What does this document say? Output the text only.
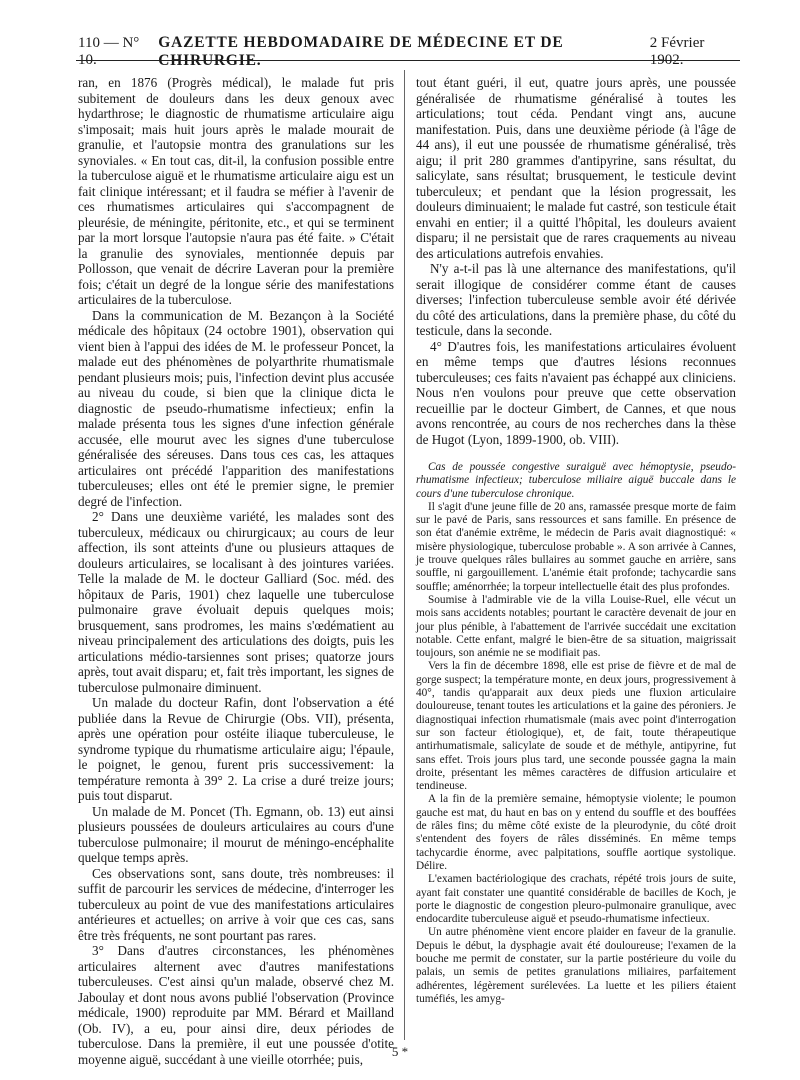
110 — N° 10.
GAZETTE HEBDOMADAIRE DE MÉDECINE ET DE CHIRURGIE.
2 Février 1902.

ran, en 1876 (Progrès médical), le malade fut pris subitement de douleurs dans les deux genoux avec hydarthrose; le diagnostic de rhumatisme articulaire aigu s'imposait; mais huit jours après le malade mourait de granulie, et l'autopsie montra des granulations sur les synoviales. « En tout cas, dit-il, la confusion possible entre la tuberculose aiguë et le rhumatisme articulaire aigu est un fait clinique intéressant; et il faudra se méfier à l'avenir de ces rhumatismes articulaires qui s'accompagnent de pleurésie, de méningite, péritonite, etc., et qui se terminent par la mort lorsque l'autopsie n'aura pas été faite. » C'était la granulie des synoviales, mentionnée depuis par Pollosson, que venait de décrire Laveran pour la première fois; c'était un degré de la longue série des manifestations articulaires de la tuberculose.

Dans la communication de M. Bezançon à la Société médicale des hôpitaux (24 octobre 1901), observation qui vient bien à l'appui des idées de M. le professeur Poncet, la malade eut des phénomènes de polyarthrite rhumatismale pendant plusieurs mois; puis, l'infection devint plus accusée au niveau du coude, si bien que la clinique dicta le diagnostic de pseudo-rhumatisme infectieux; enfin la malade présenta tous les signes d'une infection générale accusée, elle mourut avec les signes d'une tuberculose généralisée des séreuses. Dans tous ces cas, les attaques articulaires ont précédé l'apparition des manifestations tuberculeuses; elles ont été le premier signe, le premier degré de l'infection.

2° Dans une deuxième variété, les malades sont des tuberculeux, médicaux ou chirurgicaux; au cours de leur affection, ils sont atteints d'une ou plusieurs attaques de douleurs articulaires, se localisant à des jointures variées. Telle la malade de M. le docteur Galliard (Soc. méd. des hôpitaux de Paris, 1901) chez laquelle une tuberculose pulmonaire grave évoluait depuis quelques mois; brusquement, sans prodromes, les mains s'œdématient au niveau principalement des articulations des doigts, puis les articulations médio-tarsiennes sont prises; quatorze jours après, tout avait disparu; et, fait très important, les signes de tuberculose pulmonaire diminuent.

Un malade du docteur Rafin, dont l'observation a été publiée dans la Revue de Chirurgie (Obs. VII), présenta, après une opération pour ostéite iliaque tuberculeuse, le syndrome typique du rhumatisme articulaire aigu; l'épaule, le poignet, le genou, furent pris successivement: la température remonta à 39° 2. La crise a duré treize jours; puis tout disparut.

Un malade de M. Poncet (Th. Egmann, ob. 13) eut ainsi plusieurs poussées de douleurs articulaires au cours d'une tuberculose pulmonaire; il mourut de méningo-encéphalite quelque temps après.

Ces observations sont, sans doute, très nombreuses: il suffit de parcourir les services de médecine, d'interroger les tuberculeux au point de vue des manifestations articulaires antérieures et actuelles; on arrive à voir que ces cas, sans être très fréquents, ne sont pourtant pas rares.

3° Dans d'autres circonstances, les phénomènes articulaires alternent avec d'autres manifestations tuberculeuses. C'est ainsi qu'un malade, observé chez M. Jaboulay et dont nous avons publié l'observation (Province médicale, 1900) reproduite par MM. Bérard et Mailland (Ob. IV), a eu, pour ainsi dire, deux périodes de tuberculose. Dans la première, il eut une poussée d'otite moyenne aiguë, succédant à une vieille otorrhée; puis,

tout étant guéri, il eut, quatre jours après, une poussée généralisée de rhumatisme généralisé à toutes les articulations; tout céda. Pendant vingt ans, aucune manifestation. Puis, dans une deuxième période (à l'âge de 44 ans), il eut une poussée de rhumatisme généralisé, très aigu; il prit 280 grammes d'antipyrine, sans résultat, du salicylate, sans résultat; brusquement, le testicule devint tuberculeux; et pendant que la lésion progressait, les douleurs diminuaient; le malade fut castré, son testicule était envahi en entier; il a quitté l'hôpital, les douleurs avaient disparu; il ne persistait que de rares craquements au niveau des articulations autrefois envahies.

N'y a-t-il pas là une alternance des manifestations, qu'il serait illogique de considérer comme étant de causes diverses; l'infection tuberculeuse semble avoir été dérivée du côté des articulations, dans la première phase, du côté du testicule, dans la seconde.

4° D'autres fois, les manifestations articulaires évoluent en même temps que d'autres lésions reconnues tuberculeuses; ces faits n'avaient pas échappé aux cliniciens. Nous n'en voulons pour preuve que cette observation recueillie par le docteur Gimbert, de Cannes, et que nous avons rencontrée, au cours de nos recherches dans la thèse de Hugot (Lyon, 1899-1900, ob. VIII).

Cas de poussée congestive suraiguë avec hémoptysie, pseudo-rhumatisme infectieux; tuberculose miliaire aiguë buccale dans le cours d'une tuberculose chronique.

Il s'agit d'une jeune fille de 20 ans, ramassée presque morte de faim sur le pavé de Paris, sans ressources et sans famille. En présence de son état d'anémie extrême, le médecin de Paris avait diagnostiqué: « misère physiologique, tuberculose probable ». A son arrivée à Cannes, je trouve quelques râles bullaires au sommet gauche en arrière, sans souffle, ni gargouillement. L'anémie était profonde; tachycardie sans souffle; aménorrhée; la torpeur intellectuelle était des plus profondes.

Soumise à l'admirable vie de la villa Louise-Ruel, elle vécut un mois sans accidents notables; pourtant le caractère devenait de jour en jour plus pénible, à l'abattement de l'arrivée succédait une excitation notable. Cette enfant, malgré le bien-être de sa situation, maigrissait toujours, son anémie ne se modifiait pas.

Vers la fin de décembre 1898, elle est prise de fièvre et de mal de gorge suspect; la température monte, en deux jours, progressivement à 40°, tandis qu'apparait aux deux pieds une fluxion articulaire douloureuse, tenant toutes les articulations et la gaine des péroniers. Je diagnostiquai infection rhumatismale (mais avec point d'interrogation sur son facteur étiologique), et, de fait, toute thérapeutique antirhumatismale, salicylate de soude et de méthyle, antipyrine, fut sans effet. Trois jours plus tard, une seconde poussée gagna la main droite, présentant les mêmes caractères de diffusion articulaire et tendineuse.

A la fin de la première semaine, hémoptysie violente; le poumon gauche est mat, du haut en bas on y entend du souffle et des bouffées de râles fins; du même côté existe de la pleurodynie, du côté droit s'entendent des foyers de râles disséminés. En même temps tachycardie énorme, avec palpitations, souffle aortique systolique. Délire.

L'examen bactériologique des crachats, répété trois jours de suite, ayant fait constater une quantité considérable de bacilles de Koch, je porte le diagnostic de congestion pleuro-pulmonaire granulique, avec endocardite tuberculeuse aiguë et pseudo-rhumatisme infectieux.

Un autre phénomène vient encore plaider en faveur de la granulie. Depuis le début, la dysphagie avait été douloureuse; l'examen de la bouche me permit de constater, sur la partie postérieure du voile du palais, un semis de petites granulations miliaires, parfaitement adhérentes, légèrement surélevées. La luette et les piliers étaient tuméfiés, les amyg-

5 *
